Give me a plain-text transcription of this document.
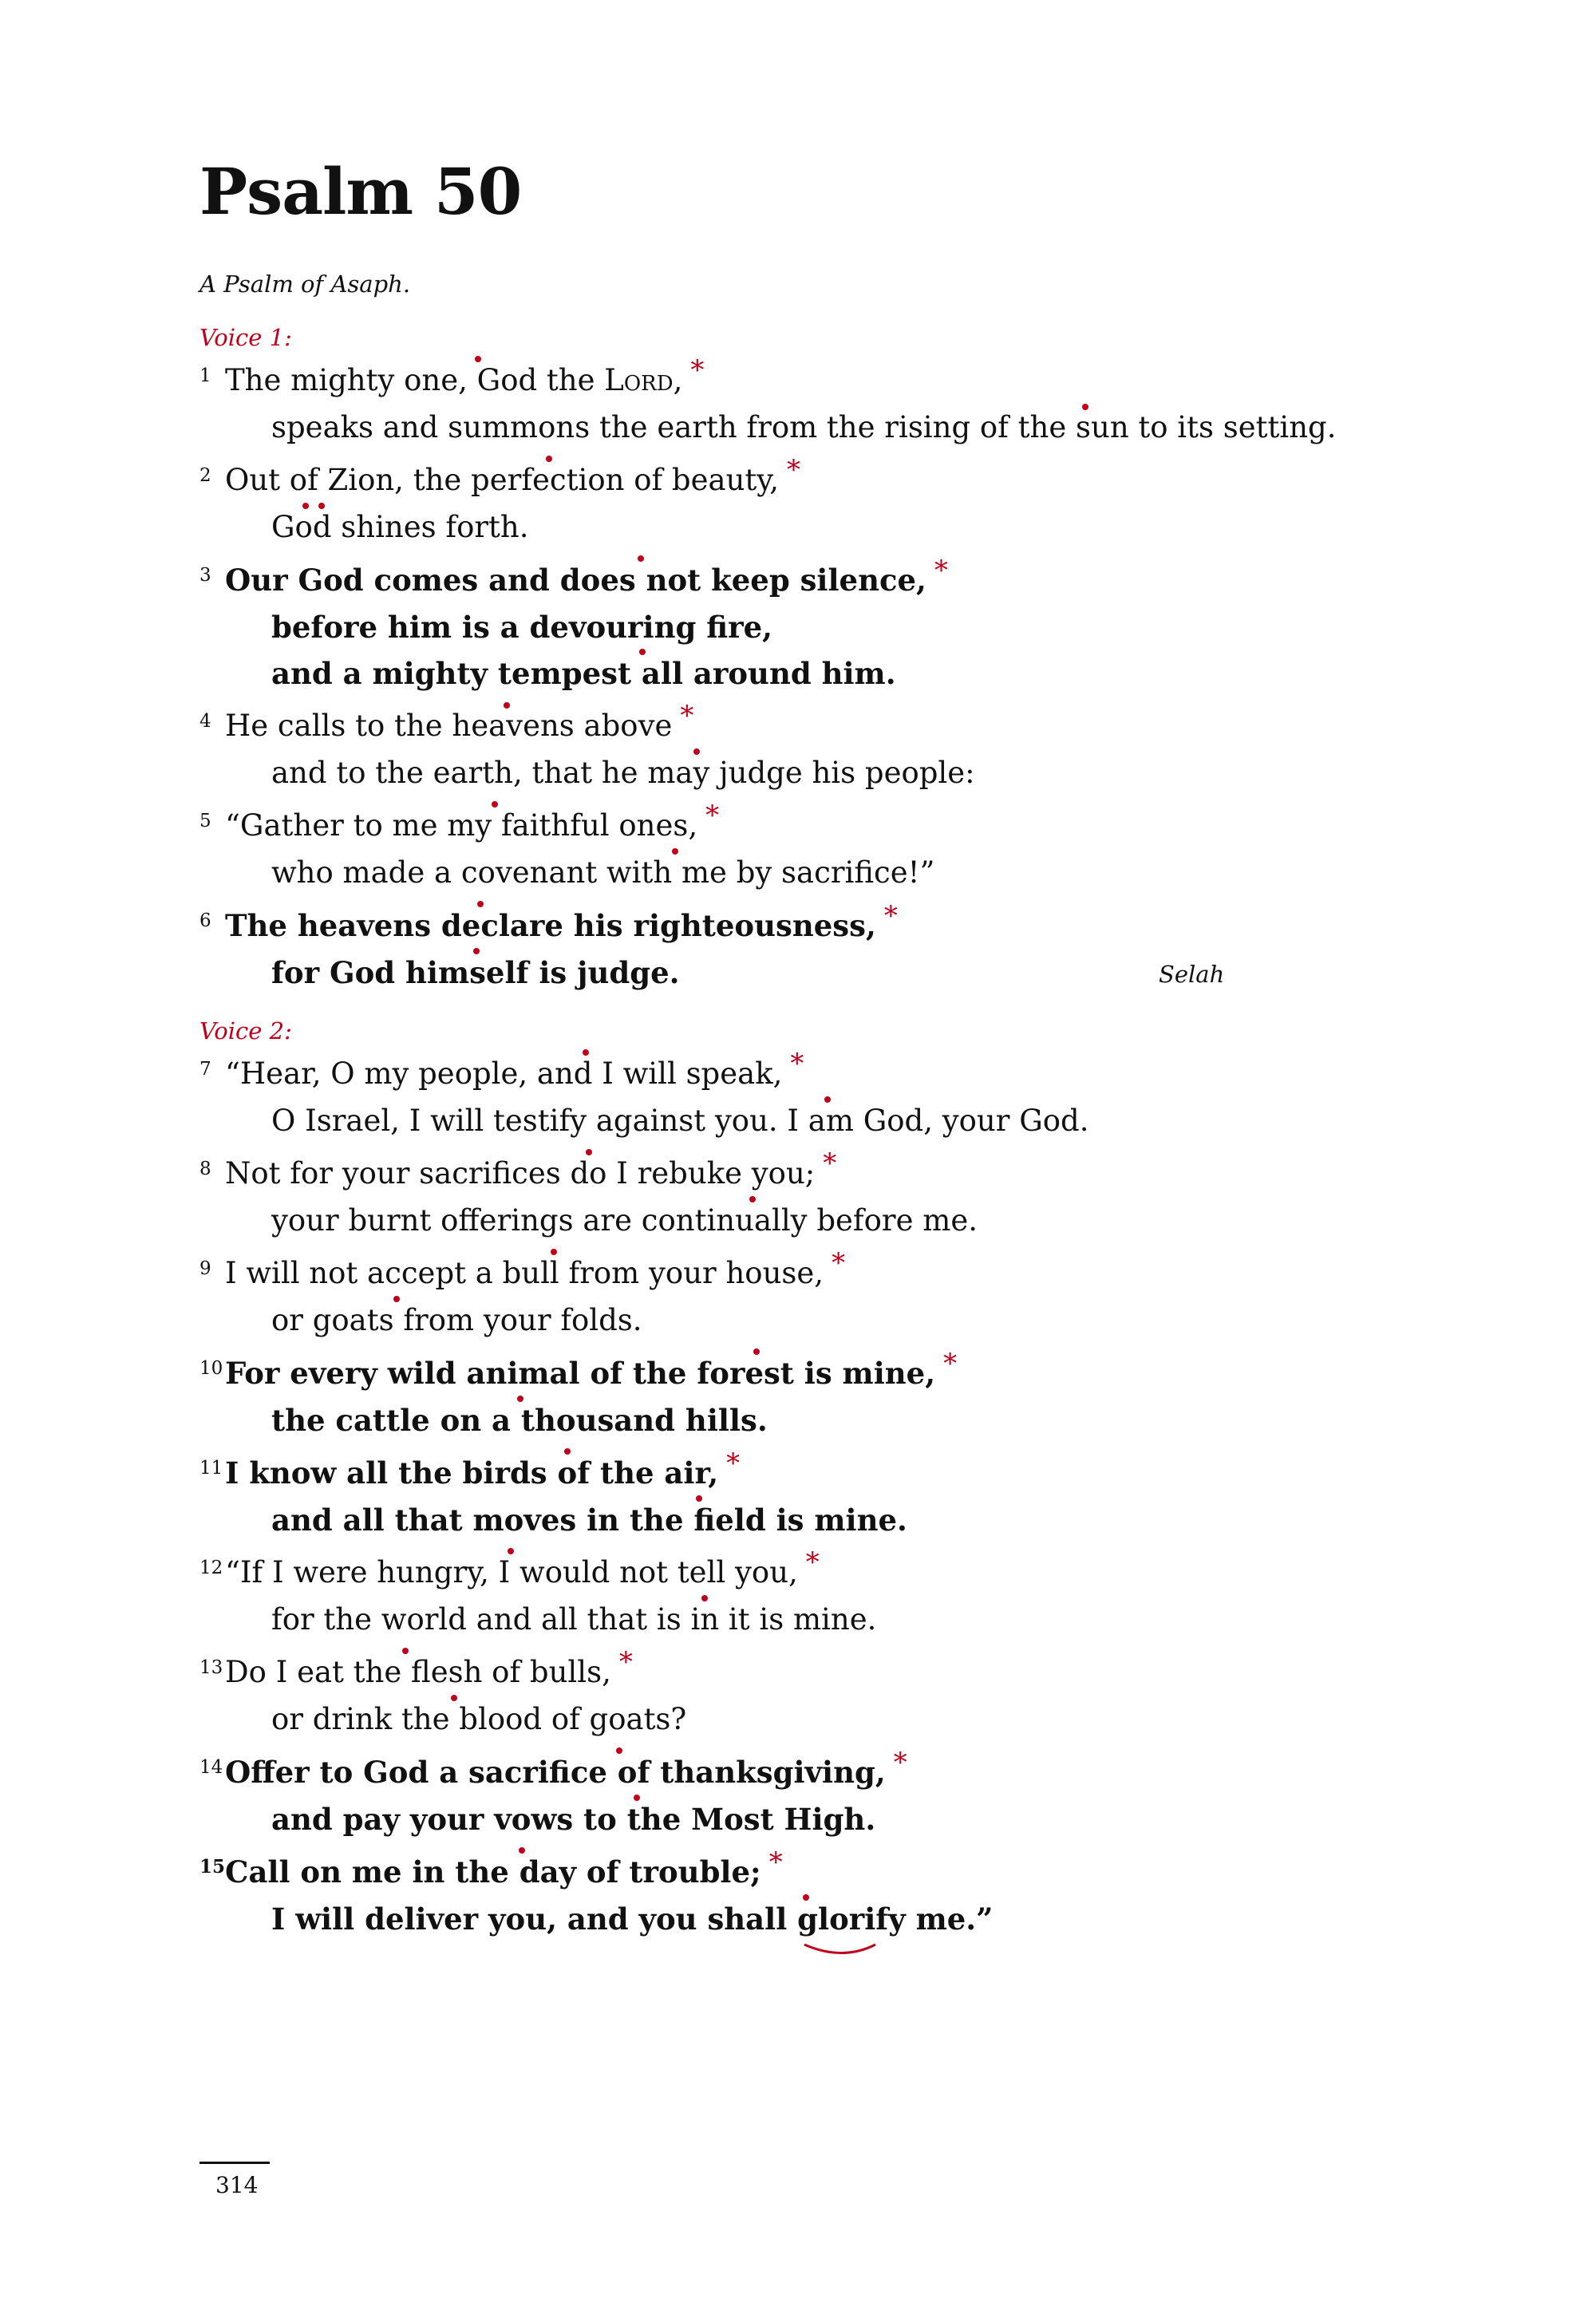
Psalm 50
A Psalm of Asaph.
Voice 1:
1 The mighty one, God the Lord, *
speaks and summons the earth from the rising of the sun to its setting.
2 Out of Zion, the perfection of beauty, *
God shines forth.
3 Our God comes and does not keep silence, *
before him is a devouring fire,
and a mighty tempest all around him.
4 He calls to the heavens above *
and to the earth, that he may judge his people:
5 “Gather to me my faithful ones, *
who made a covenant with me by sacrifice!”
6 The heavens declare his righteousness, *
for God himself is judge.	Selah
Voice 2:
7 “Hear, O my people, and I will speak, *
O Israel, I will testify against you. I am God, your God.
8 Not for your sacrifices do I rebuke you; *
your burnt offerings are continually before me.
9 I will not accept a bull from your house, *
or goats from your folds.
10 For every wild animal of the forest is mine, *
the cattle on a thousand hills.
11 I know all the birds of the air, *
and all that moves in the field is mine.
12 “If I were hungry, I would not tell you, *
for the world and all that is in it is mine.
13 Do I eat the flesh of bulls, *
or drink the blood of goats?
14 Offer to God a sacrifice of thanksgiving, *
and pay your vows to the Most High.
15 Call on me in the day of trouble; *
I will deliver you, and you shall glorify me.”
314
